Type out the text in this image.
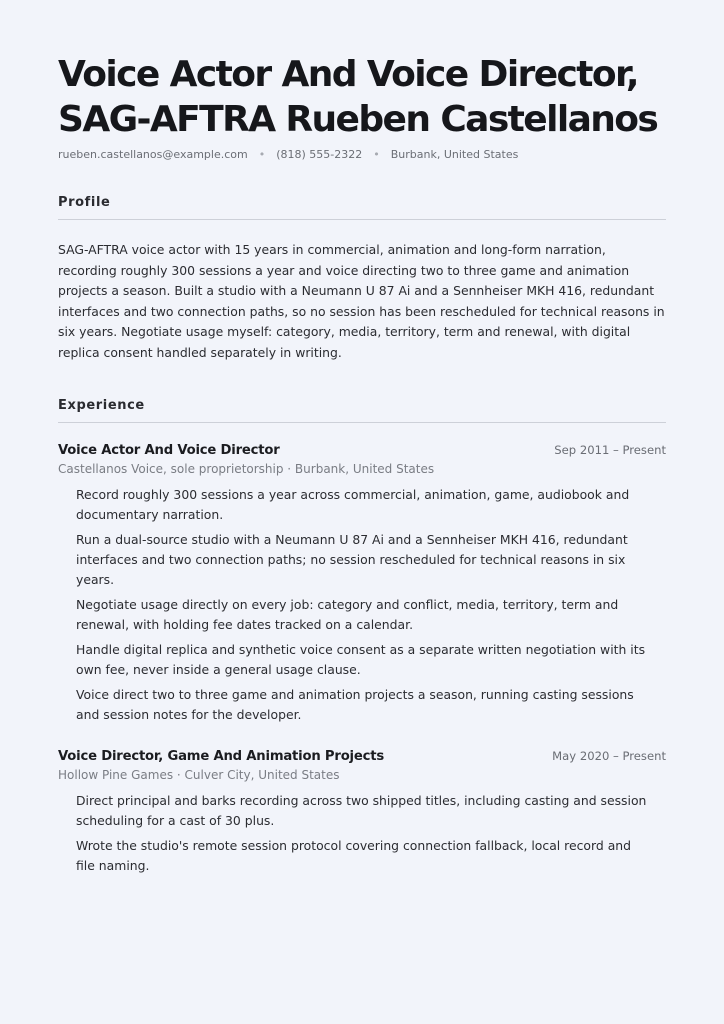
Voice Actor And Voice Director, SAG-AFTRA Rueben Castellanos
rueben.castellanos@example.com • (818) 555-2322 • Burbank, United States
Profile
SAG-AFTRA voice actor with 15 years in commercial, animation and long-form narration, recording roughly 300 sessions a year and voice directing two to three game and animation projects a season. Built a studio with a Neumann U 87 Ai and a Sennheiser MKH 416, redundant interfaces and two connection paths, so no session has been rescheduled for technical reasons in six years. Negotiate usage myself: category, media, territory, term and renewal, with digital replica consent handled separately in writing.
Experience
Voice Actor And Voice Director	Sep 2011 – Present
Castellanos Voice, sole proprietorship · Burbank, United States
Record roughly 300 sessions a year across commercial, animation, game, audiobook and documentary narration.
Run a dual-source studio with a Neumann U 87 Ai and a Sennheiser MKH 416, redundant interfaces and two connection paths; no session rescheduled for technical reasons in six years.
Negotiate usage directly on every job: category and conflict, media, territory, term and renewal, with holding fee dates tracked on a calendar.
Handle digital replica and synthetic voice consent as a separate written negotiation with its own fee, never inside a general usage clause.
Voice direct two to three game and animation projects a season, running casting sessions and session notes for the developer.
Voice Director, Game And Animation Projects	May 2020 – Present
Hollow Pine Games · Culver City, United States
Direct principal and barks recording across two shipped titles, including casting and session scheduling for a cast of 30 plus.
Wrote the studio's remote session protocol covering connection fallback, local record and file naming.
